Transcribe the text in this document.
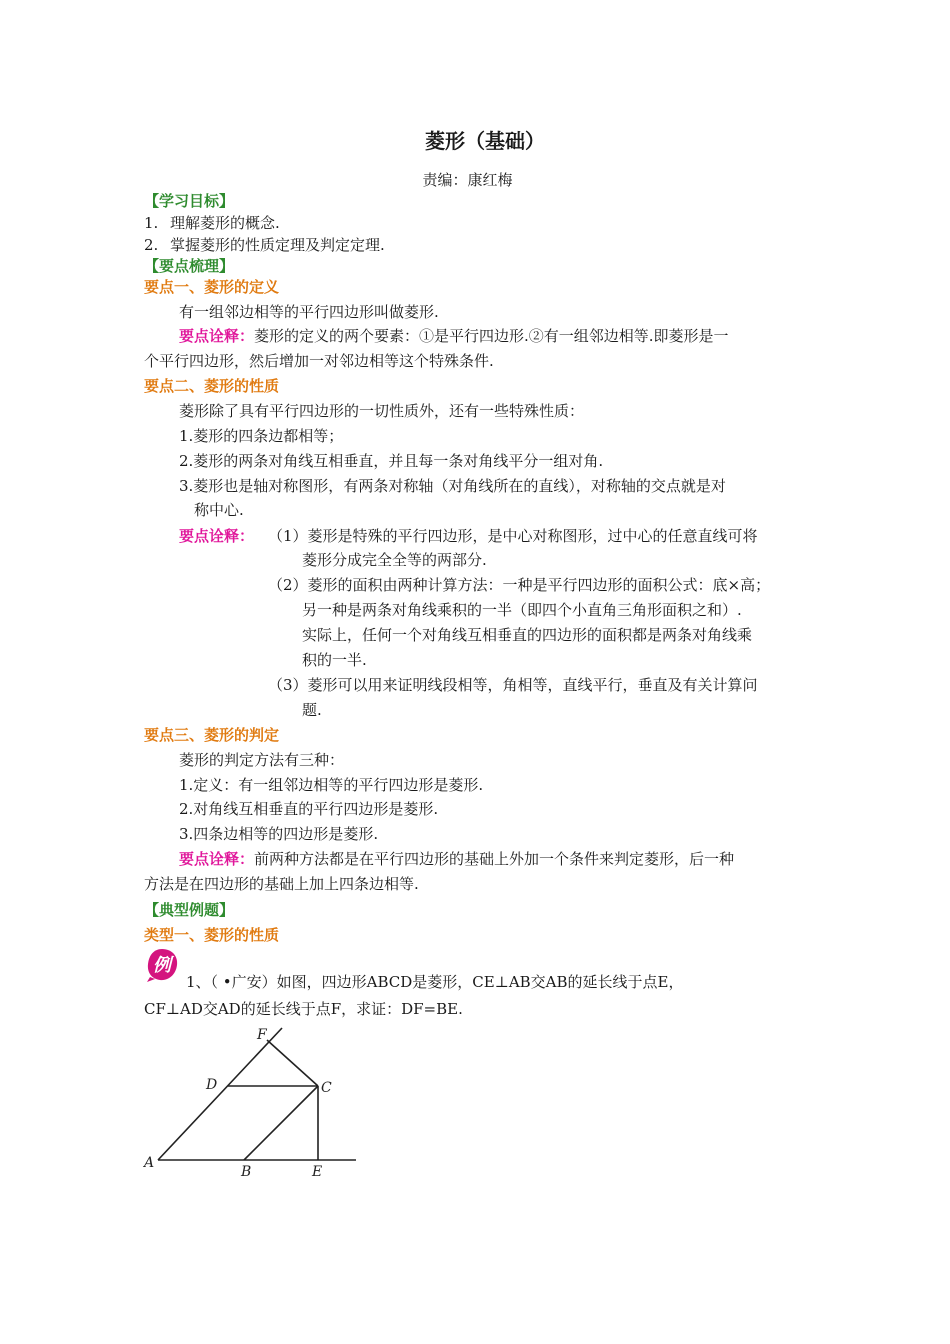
菱形（基础）
责编：康红梅
【学习目标】
1. 理解菱形的概念.
2. 掌握菱形的性质定理及判定定理.
【要点梳理】
要点一、菱形的定义
有一组邻边相等的平行四边形叫做菱形.
要点诠释：菱形的定义的两个要素：①是平行四边形.②有一组邻边相等.即菱形是一
个平行四边形，然后增加一对邻边相等这个特殊条件.
要点二、菱形的性质
菱形除了具有平行四边形的一切性质外，还有一些特殊性质：
1.菱形的四条边都相等；
2.菱形的两条对角线互相垂直，并且每一条对角线平分一组对角.
3.菱形也是轴对称图形，有两条对称轴（对角线所在的直线），对称轴的交点就是对
称中心.
要点诠释： （1）菱形是特殊的平行四边形，是中心对称图形，过中心的任意直线可将
菱形分成完全全等的两部分.
（2）菱形的面积由两种计算方法：一种是平行四边形的面积公式：底×高；
另一种是两条对角线乘积的一半（即四个小直角三角形面积之和）.
实际上，任何一个对角线互相垂直的四边形的面积都是两条对角线乘
积的一半.
（3）菱形可以用来证明线段相等，角相等，直线平行，垂直及有关计算问
题.
要点三、菱形的判定
菱形的判定方法有三种：
1.定义：有一组邻边相等的平行四边形是菱形.
2.对角线互相垂直的平行四边形是菱形.
3.四条边相等的四边形是菱形.
要点诠释：前两种方法都是在平行四边形的基础上外加一个条件来判定菱形，后一种
方法是在四边形的基础上加上四条边相等.
【典型例题】
类型一、菱形的性质
例
1、（ •广安）如图，四边形ABCD是菱形，CE⊥AB交AB的延长线于点E，
CF⊥AD交AD的延长线于点F，求证：DF=BE.
A
B
C
D
E
F
